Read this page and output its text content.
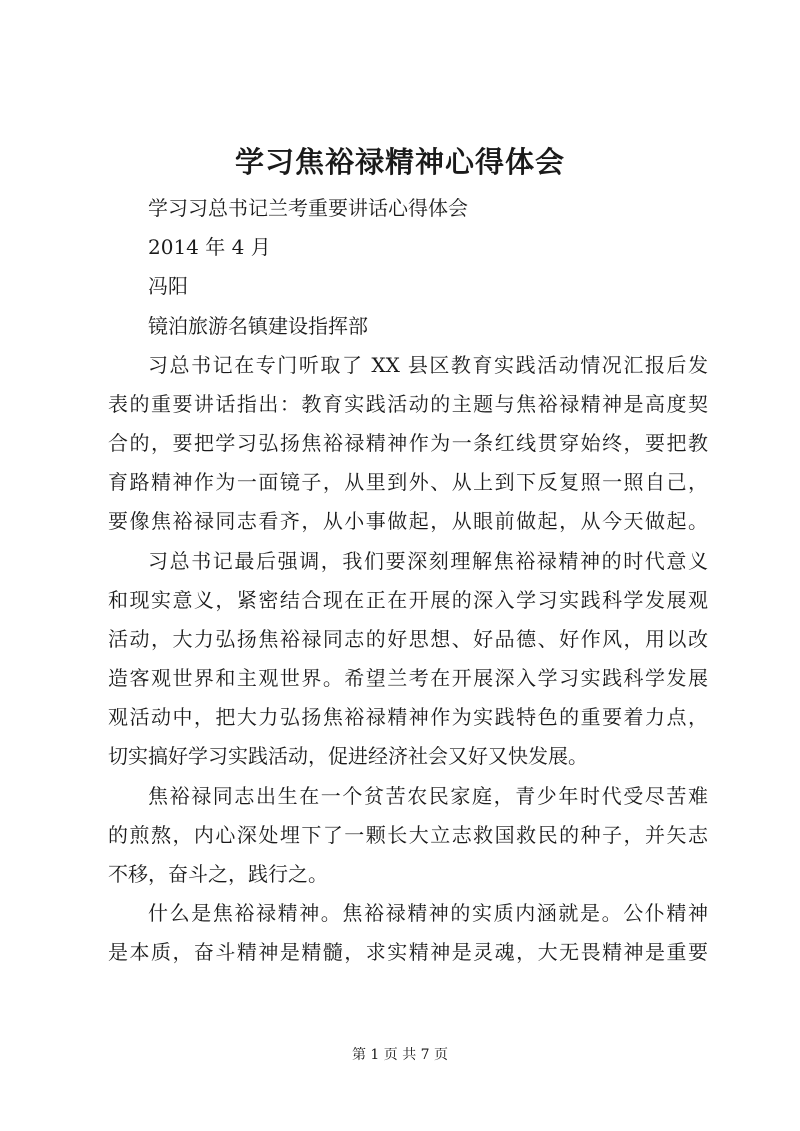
学习焦裕禄精神心得体会
学习习总书记兰考重要讲话心得体会
2014 年 4 月
冯阳
镜泊旅游名镇建设指挥部
习总书记在专门听取了 XX 县区教育实践活动情况汇报后发
表的重要讲话指出：教育实践活动的主题与焦裕禄精神是高度契
合的，要把学习弘扬焦裕禄精神作为一条红线贯穿始终，要把教
育路精神作为一面镜子，从里到外、从上到下反复照一照自己，
要像焦裕禄同志看齐，从小事做起，从眼前做起，从今天做起。
习总书记最后强调，我们要深刻理解焦裕禄精神的时代意义
和现实意义，紧密结合现在正在开展的深入学习实践科学发展观
活动，大力弘扬焦裕禄同志的好思想、好品德、好作风，用以改
造客观世界和主观世界。希望兰考在开展深入学习实践科学发展
观活动中，把大力弘扬焦裕禄精神作为实践特色的重要着力点，
切实搞好学习实践活动，促进经济社会又好又快发展。
焦裕禄同志出生在一个贫苦农民家庭，青少年时代受尽苦难
的煎熬，内心深处埋下了一颗长大立志救国救民的种子，并矢志
不移，奋斗之，践行之。
什么是焦裕禄精神。焦裕禄精神的实质内涵就是。公仆精神
是本质，奋斗精神是精髓，求实精神是灵魂，大无畏精神是重要
第 1 页 共 7 页
